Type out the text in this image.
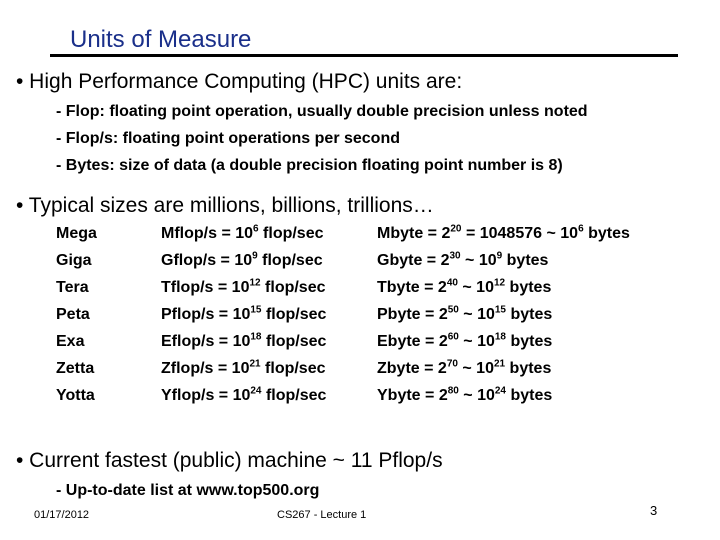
Units of Measure
• High Performance Computing (HPC) units are:
- Flop: floating point operation, usually double precision unless noted
- Flop/s: floating point operations per second
- Bytes: size of data (a double precision floating point number is 8)
• Typical sizes are millions, billions, trillions…
Mega	Mflop/s = $10^6$ flop/sec	Mbyte = $2^{20} = 1048576$ ~ $10^6$ bytes
Giga	Gflop/s = $10^9$ flop/sec	Gbyte = $2^{30}$ ~ $10^9$ bytes
Tera	Tflop/s = $10^{12}$ flop/sec	Tbyte = $2^{40}$ ~ $10^{12}$ bytes
Peta	Pflop/s = $10^{15}$ flop/sec	Pbyte = $2^{50}$ ~ $10^{15}$ bytes
Exa	Eflop/s = $10^{18}$ flop/sec	Ebyte = $2^{60}$ ~ $10^{18}$ bytes
Zetta	Zflop/s = $10^{21}$ flop/sec	Zbyte = $2^{70}$ ~ $10^{21}$ bytes
Yotta	Yflop/s = $10^{24}$ flop/sec	Ybyte = $2^{80}$ ~ $10^{24}$ bytes
• Current fastest (public) machine ~ 11 Pflop/s
- Up-to-date list at www.top500.org
01/17/2012	CS267 - Lecture 1	3
